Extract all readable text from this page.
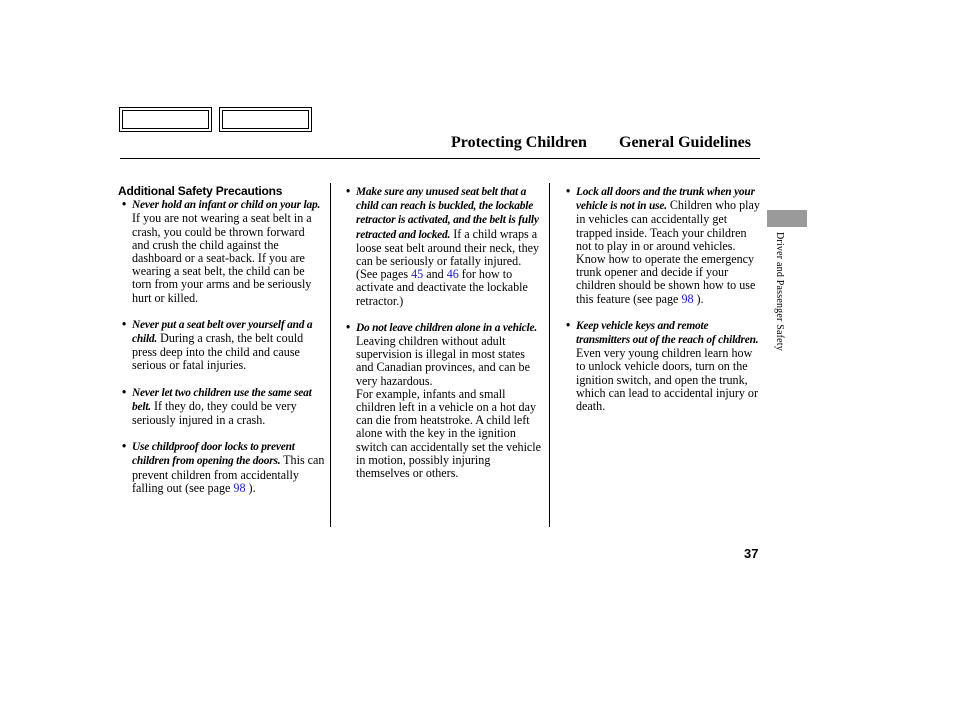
Protecting Children General Guidelines
Additional Safety Precautions

• Never hold an infant or child on your lap. If you are not wearing a seat belt in a crash, you could be thrown forward and crush the child against the dashboard or a seat-back. If you are wearing a seat belt, the child can be torn from your arms and be seriously hurt or killed.

• Never put a seat belt over yourself and a child. During a crash, the belt could press deep into the child and cause serious or fatal injuries.

• Never let two children use the same seat belt. If they do, they could be very seriously injured in a crash.

• Use childproof door locks to prevent children from opening the doors. This can prevent children from accidentally falling out (see page 98 ).

• Make sure any unused seat belt that a child can reach is buckled, the lockable retractor is activated, and the belt is fully retracted and locked. If a child wraps a loose seat belt around their neck, they can be seriously or fatally injured. (See pages 45 and 46 for how to activate and deactivate the lockable retractor.)

• Do not leave children alone in a vehicle. Leaving children without adult supervision is illegal in most states and Canadian provinces, and can be very hazardous.
For example, infants and small children left in a vehicle on a hot day can die from heatstroke. A child left alone with the key in the ignition switch can accidentally set the vehicle in motion, possibly injuring themselves or others.

• Lock all doors and the trunk when your vehicle is not in use. Children who play in vehicles can accidentally get trapped inside. Teach your children not to play in or around vehicles. Know how to operate the emergency trunk opener and decide if your children should be shown how to use this feature (see page 98 ).

• Keep vehicle keys and remote transmitters out of the reach of children. Even very young children learn how to unlock vehicle doors, turn on the ignition switch, and open the trunk, which can lead to accidental injury or death.

Driver and Passenger Safety
37
